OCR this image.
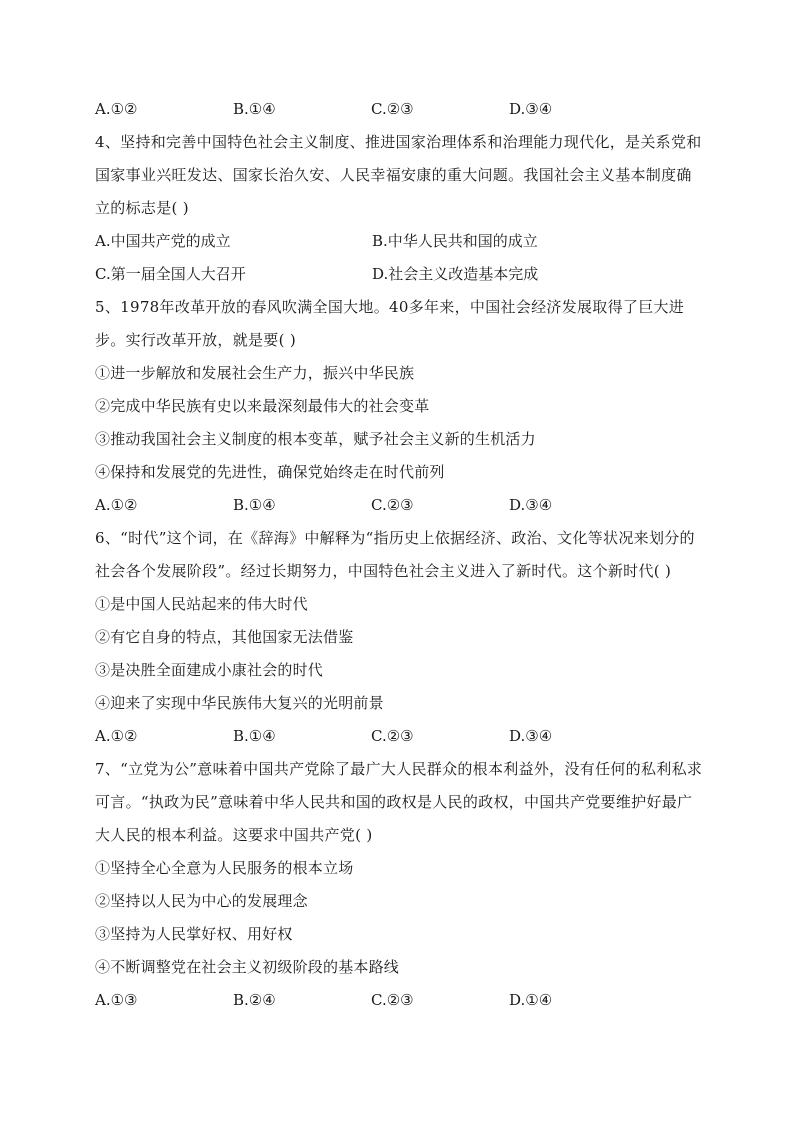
A.①②	B.①④	C.②③	D.③④
4、坚持和完善中国特色社会主义制度、推进国家治理体系和治理能力现代化，是关系党和国家事业兴旺发达、国家长治久安、人民幸福安康的重大问题。我国社会主义基本制度确立的标志是( )
A.中国共产党的成立	B.中华人民共和国的成立
C.第一届全国人大召开	D.社会主义改造基本完成
5、1978年改革开放的春风吹满全国大地。40多年来，中国社会经济发展取得了巨大进步。实行改革开放，就是要( )
①进一步解放和发展社会生产力，振兴中华民族
②完成中华民族有史以来最深刻最伟大的社会变革
③推动我国社会主义制度的根本变革，赋予社会主义新的生机活力
④保持和发展党的先进性，确保党始终走在时代前列
A.①②	B.①④	C.②③	D.③④
6、“时代”这个词，在《辞海》中解释为“指历史上依据经济、政治、文化等状况来划分的社会各个发展阶段”。经过长期努力，中国特色社会主义进入了新时代。这个新时代( )
①是中国人民站起来的伟大时代
②有它自身的特点，其他国家无法借鉴
③是决胜全面建成小康社会的时代
④迎来了实现中华民族伟大复兴的光明前景
A.①②	B.①④	C.②③	D.③④
7、“立党为公”意味着中国共产党除了最广大人民群众的根本利益外，没有任何的私利私求可言。“执政为民”意味着中华人民共和国的政权是人民的政权，中国共产党要维护好最广大人民的根本利益。这要求中国共产党( )
①坚持全心全意为人民服务的根本立场
②坚持以人民为中心的发展理念
③坚持为人民掌好权、用好权
④不断调整党在社会主义初级阶段的基本路线
A.①③	B.②④	C.②③	D.①④
